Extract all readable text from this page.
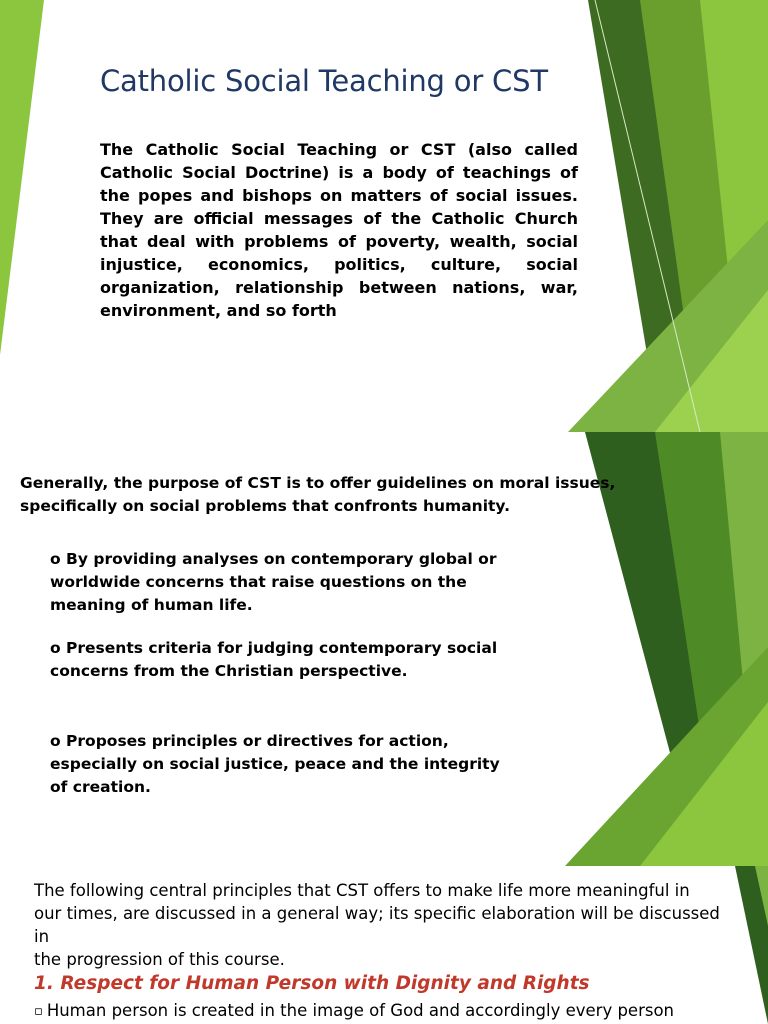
Catholic Social Teaching or CST

The Catholic Social Teaching or CST (also called Catholic Social Doctrine) is a body of teachings of the popes and bishops on matters of social issues. They are official messages of the Catholic Church that deal with problems of poverty, wealth, social injustice, economics, politics, culture, social organization, relationship between nations, war, environment, and so forth

Generally, the purpose of CST is to offer guidelines on moral issues, specifically on social problems that confronts humanity.

o By providing analyses on contemporary global or
worldwide concerns that raise questions on the
meaning of human life.

o Presents criteria for judging contemporary social
concerns from the Christian perspective.

o Proposes principles or directives for action,
especially on social justice, peace and the integrity
of creation.

The following central principles that CST offers to make life more meaningful in
our times, are discussed in a general way; its specific elaboration will be discussed
in
the progression of this course.

1. Respect for Human Person with Dignity and Rights

▫ Human person is created in the image of God and accordingly every person
